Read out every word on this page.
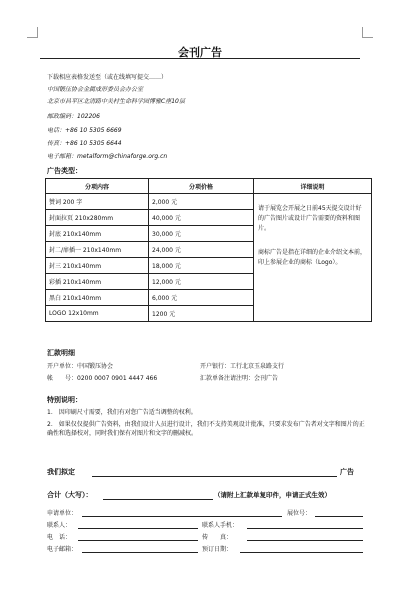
会刊广告
下载相应表格发送至（或在线填写提交……）
中国锻压协会金属成形委员会办公室
北京市昌平区北清路中关村生命科学园博雅C座10层
邮政编码：102206
电话：+86 10 5305 6669
传真：+86 10 5305 6644
电子邮箱：metalform@chinaforge.org.cn
广告类型：
分项内容	分项价格	详细说明
赞词 200 字	2,000 元	请于展览会开展之日前45天提交设计好的广告图片或设计广告需要的资料和图片。
商标广告是指在详细的企业介绍文本前，印上参展企业的商标（Logo）。

封面拉页 210x280mm	40,000 元	
封底 210x140mm	30,000 元	
封二/扉插一 210x140mm	24,000 元	
封三 210x140mm	18,000 元	
彩插 210x140mm	12,000 元	
黑白 210x140mm	6,000 元	
LOGO 12x10mm	1200 元	
汇款明细
开户单位：中国锻压协会	开户银行：工行北京玉泉路支行
帐　　号：0200 0007 0901 4447 466	汇款单备注请注明：会刊广告
特别说明：
1.　因印刷尺寸需要，我们有对您广告适当调整的权利。
2.　如果仅仅提供广告资料，由我们设计人员进行设计，我们不支持美观设计批准，只要求发布广告者对文字和图片的正确性和选择校对，同时我们保有对图片和文字的删减权。
我们拟定	广告
合计（大写）：	（请附上汇款单复印件，申请正式生效）
申请单位：	展位号：
联系人：	联系人手机：
电　话：	传　　真：
电子邮箱：	预订日期：
